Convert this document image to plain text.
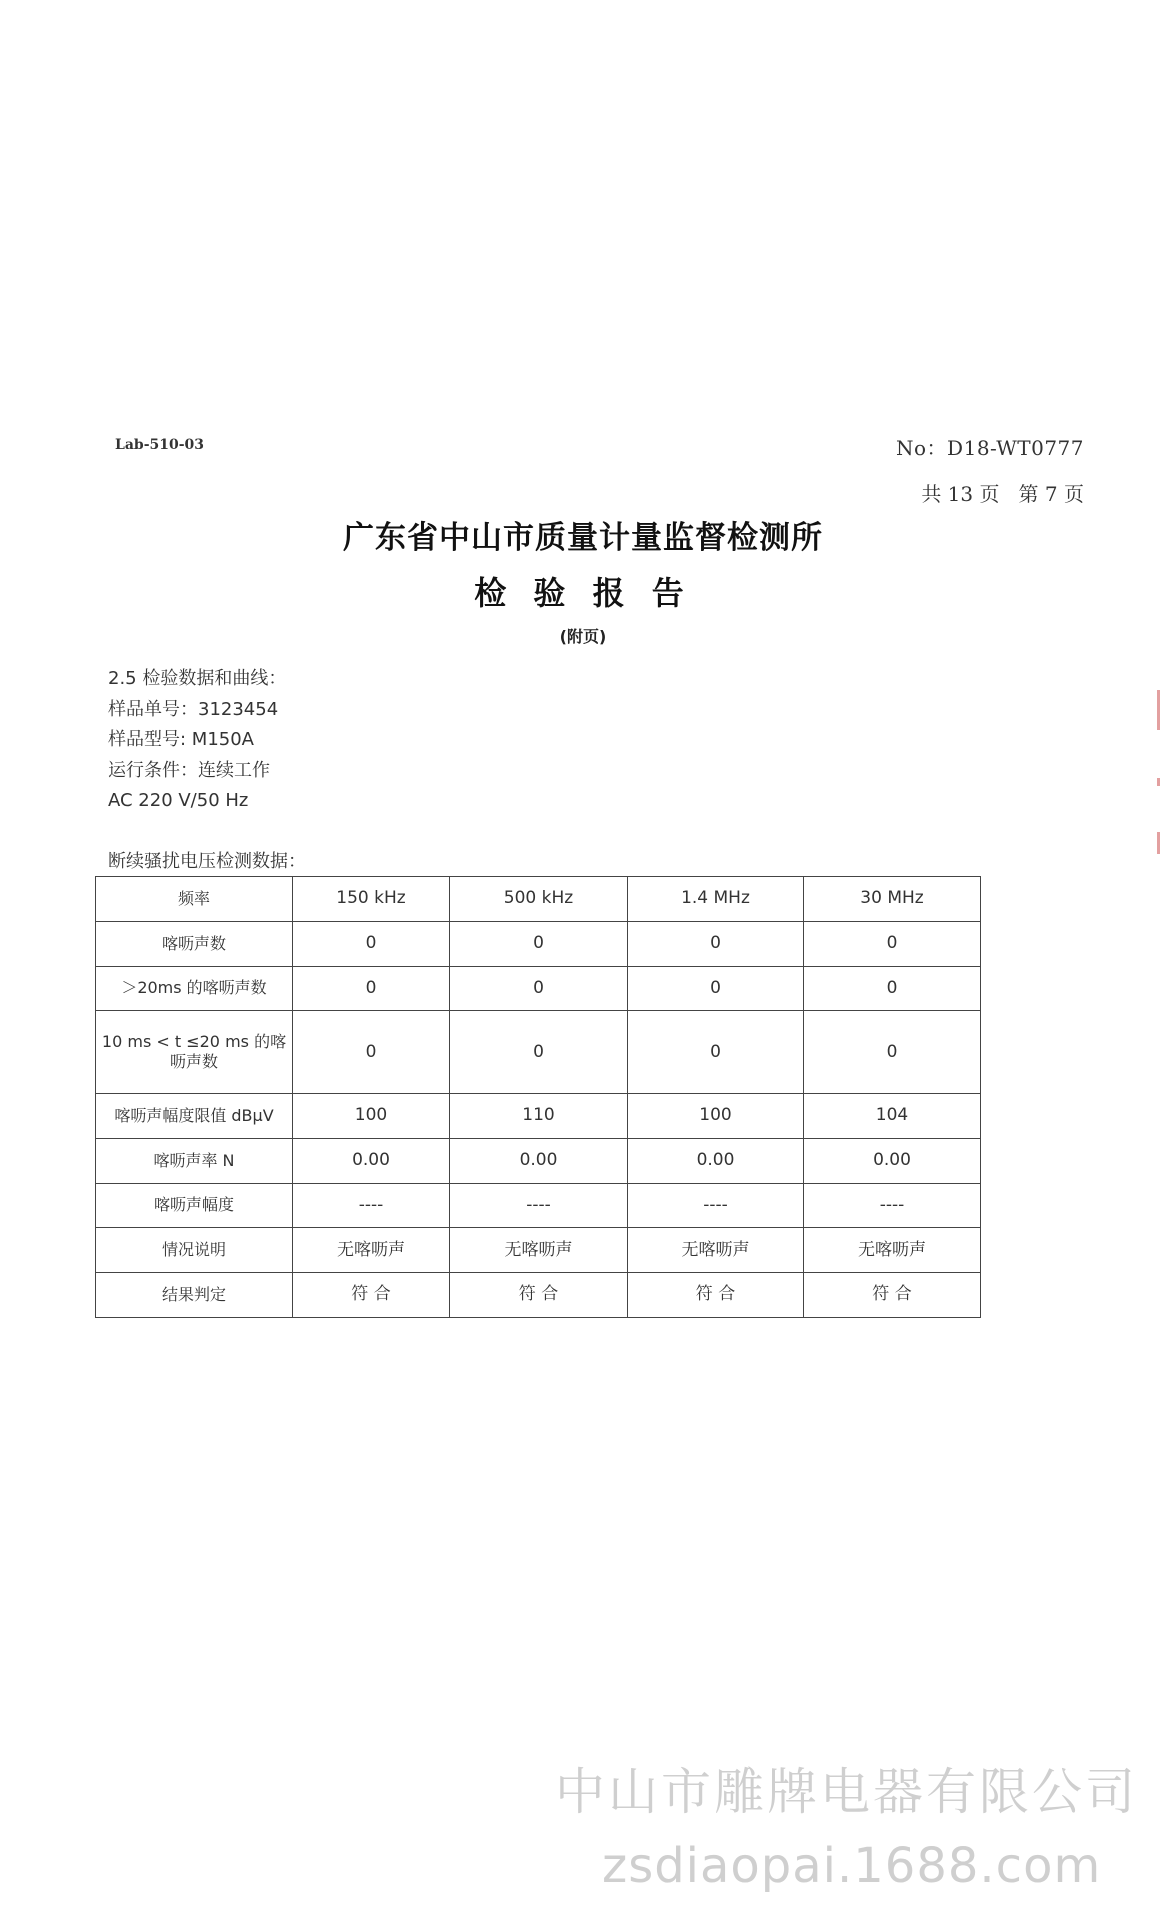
Lab-510-03	No：D18-WT0777
共 13 页   第 7 页
广东省中山市质量计量监督检测所
检 验 报 告
(附页)
2.5 检验数据和曲线：
样品单号：3123454
样品型号: M150A
运行条件：连续工作
AC 220 V/50 Hz
断续骚扰电压检测数据：
频率	150 kHz	500 kHz	1.4 MHz	30 MHz
喀呖声数	0	0	0	0
＞20ms 的喀呖声数	0	0	0	0
10 ms < t ≤20 ms 的喀呖声数	0	0	0	0
喀呖声幅度限值 dBμV	100	110	100	104
喀呖声率 N	0.00	0.00	0.00	0.00
喀呖声幅度	----	----	----	----
情况说明	无喀呖声	无喀呖声	无喀呖声	无喀呖声
结果判定	符 合	符 合	符 合	符 合
中山市雕牌电器有限公司
zsdiaopai.1688.com
